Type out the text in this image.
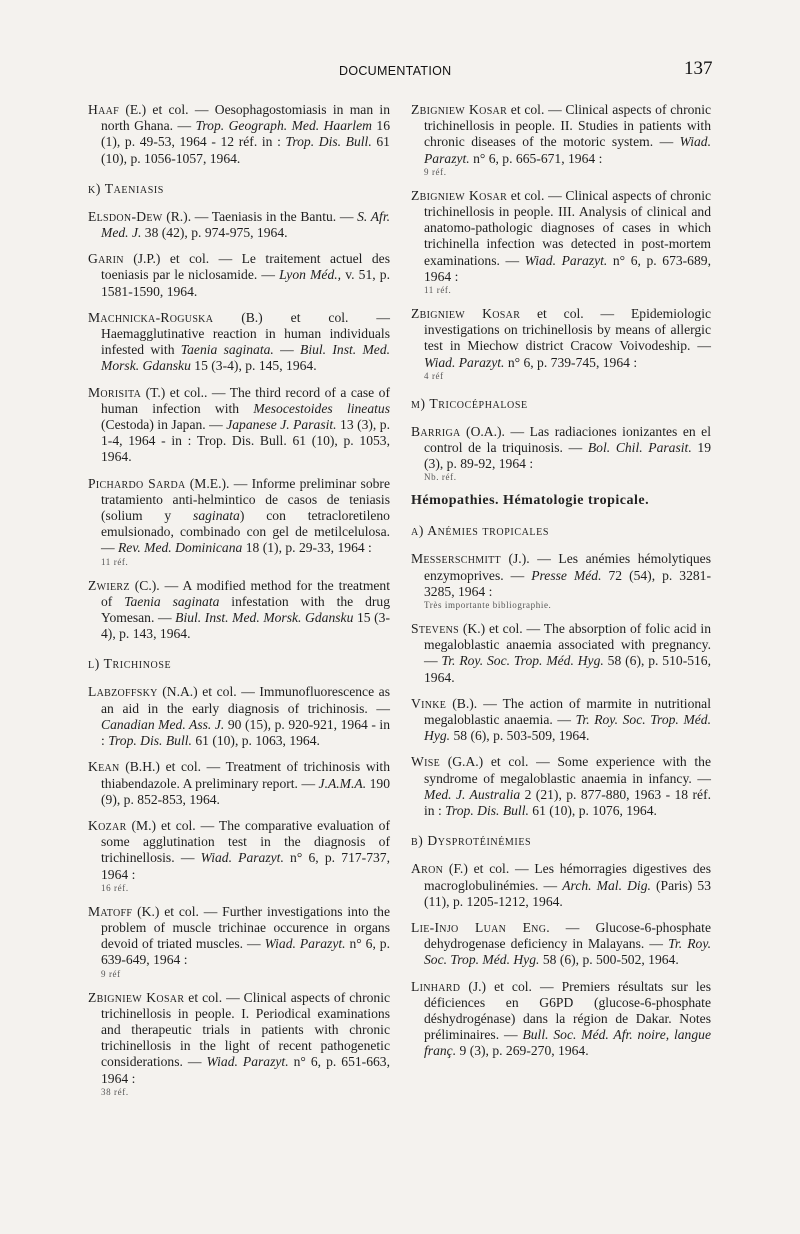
DOCUMENTATION	137
Haaf (E.) et col. — Oesophagostomiasis in man in north Ghana. — Trop. Geograph. Med. Haarlem 16 (1), p. 49-53, 1964 - 12 réf. in : Trop. Dis. Bull. 61 (10), p. 1056-1057, 1964.
k) Taeniasis
Elsdon-Dew (R.). — Taeniasis in the Bantu. — S. Afr. Med. J. 38 (42), p. 974-975, 1964.
Garin (J.P.) et col. — Le traitement actuel des toeniasis par le niclosamide. — Lyon Méd., v. 51, p. 1581-1590, 1964.
Machnicka-Roguska (B.) et col. — Haemagglutinative reaction in human individuals infested with Taenia saginata. — Biul. Inst. Med. Morsk. Gdansku 15 (3-4), p. 145, 1964.
Morisita (T.) et col.. — The third record of a case of human infection with Mesocestoides lineatus (Cestoda) in Japan. — Japanese J. Parasit. 13 (3), p. 1-4, 1964 - in : Trop. Dis. Bull. 61 (10), p. 1053, 1964.
Pichardo Sarda (M.E.). — Informe preliminar sobre tratamiento anti-helmintico de casos de teniasis (solium y saginata) con tetracloretileno emulsionado, combinado con gel de metilcelulosa. — Rev. Med. Dominicana 18 (1), p. 29-33, 1964 :
11 réf.
Zwierz (C.). — A modified method for the treatment of Taenia saginata infestation with the drug Yomesan. — Biul. Inst. Med. Morsk. Gdansku 15 (3-4), p. 143, 1964.
l) Trichinose
Labzoffsky (N.A.) et col. — Immunofluorescence as an aid in the early diagnosis of trichinosis. — Canadian Med. Ass. J. 90 (15), p. 920-921, 1964 - in : Trop. Dis. Bull. 61 (10), p. 1063, 1964.
Kean (B.H.) et col. — Treatment of trichinosis with thiabendazole. A preliminary report. — J.A.M.A. 190 (9), p. 852-853, 1964.
Kozar (M.) et col. — The comparative evaluation of some agglutination test in the diagnosis of trichinellosis. — Wiad. Parazyt. n° 6, p. 717-737, 1964 :
16 réf.
Matoff (K.) et col. — Further investigations into the problem of muscle trichinae occurence in organs devoid of triated muscles. — Wiad. Parazyt. n° 6, p. 639-649, 1964 :
9 réf
Zbigniew Kosar et col. — Clinical aspects of chronic trichinellosis in people. I. Periodical examinations and therapeutic trials in patients with chronic trichinellosis in the light of recent pathogenetic considerations. — Wiad. Parazyt. n° 6, p. 651-663, 1964 :
38 réf.
Zbigniew Kosar et col. — Clinical aspects of chronic trichinellosis in people. II. Studies in patients with chronic diseases of the motoric system. — Wiad. Parazyt. n° 6, p. 665-671, 1964 :
9 réf.
Zbigniew Kosar et col. — Clinical aspects of chronic trichinellosis in people. III. Analysis of clinical and anatomo-pathologic diagnoses of cases in which trichinella infection was detected in post-mortem examinations. — Wiad. Parazyt. n° 6, p. 673-689, 1964 :
11 réf.
Zbigniew Kosar et col. — Epidemiologic investigations on trichinellosis by means of allergic test in Miechow district Cracow Voivodeship. — Wiad. Parazyt. n° 6, p. 739-745, 1964 :
4 réf
m) Tricocéphalose
Barriga (O.A.). — Las radiaciones ionizantes en el control de la triquinosis. — Bol. Chil. Parasit. 19 (3), p. 89-92, 1964 :
Nb. réf.
Hémopathies. Hématologie tropicale.
a) Anémies tropicales
Messerschmitt (J.). — Les anémies hémolytiques enzymoprives. — Presse Méd. 72 (54), p. 3281-3285, 1964 :
Très importante bibliographie.
Stevens (K.) et col. — The absorption of folic acid in megaloblastic anaemia associated with pregnancy. — Tr. Roy. Soc. Trop. Méd. Hyg. 58 (6), p. 510-516, 1964.
Vinke (B.). — The action of marmite in nutritional megaloblastic anaemia. — Tr. Roy. Soc. Trop. Méd. Hyg. 58 (6), p. 503-509, 1964.
Wise (G.A.) et col. — Some experience with the syndrome of megaloblastic anaemia in infancy. — Med. J. Australia 2 (21), p. 877-880, 1963 - 18 réf. in : Trop. Dis. Bull. 61 (10), p. 1076, 1964.
b) Dysprotéinémies
Aron (F.) et col. — Les hémorragies digestives des macroglobulinémies. — Arch. Mal. Dig. (Paris) 53 (11), p. 1205-1212, 1964.
Lie-Injo Luan Eng. — Glucose-6-phosphate dehydrogenase deficiency in Malayans. — Tr. Roy. Soc. Trop. Méd. Hyg. 58 (6), p. 500-502, 1964.
Linhard (J.) et col. — Premiers résultats sur les déficiences en G6PD (glucose-6-phosphate déshydrogénase) dans la région de Dakar. Notes préliminaires. — Bull. Soc. Méd. Afr. noire, langue franç. 9 (3), p. 269-270, 1964.
